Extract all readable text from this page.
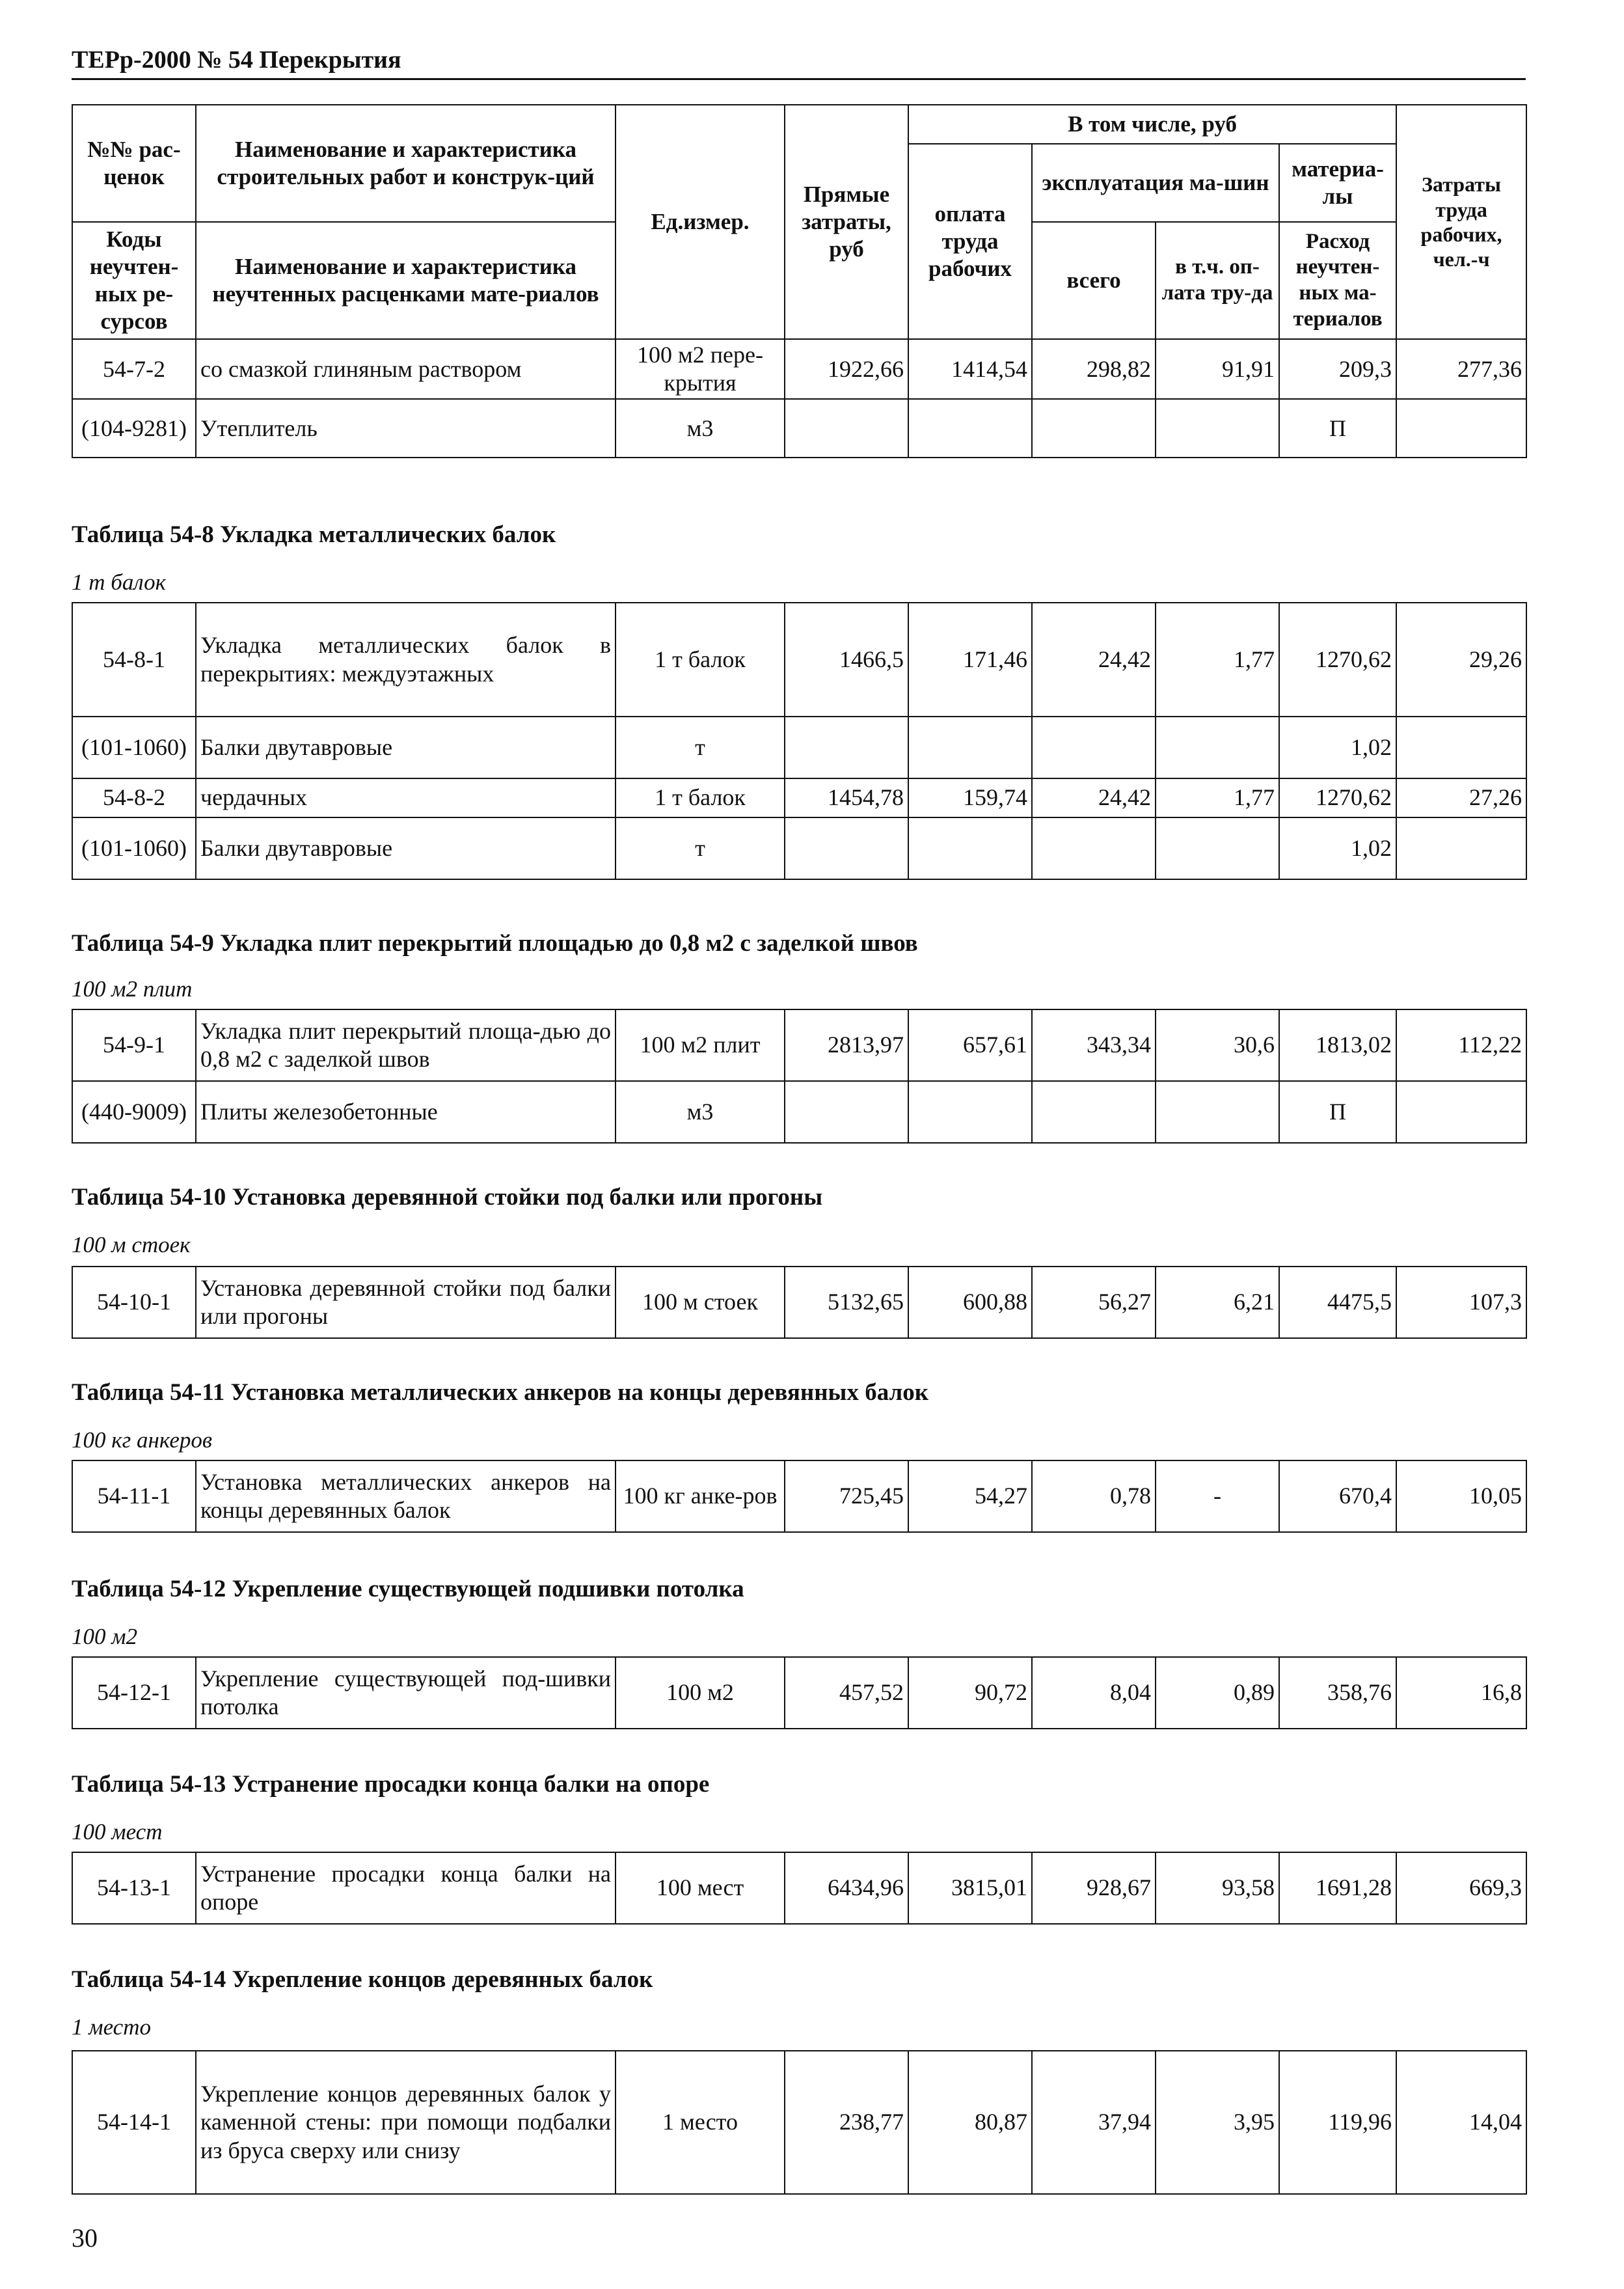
ТЕРр-2000 № 54 Перекрытия
№№ рас-ценок	Наименование и характеристика строительных работ и конструк-ций	Ед.измер.	Прямые затраты, руб	В том числе, руб				Затраты труда рабочих, чел.-ч
				оплата труда рабочих	эксплуатация ма-шин		материа-лы	

Коды неучтен-ных ре-сурсов	Наименование и характеристика неучтенных расценками мате-риалов				всего	в т.ч. оп-лата тру-да	Расход неучтен-ных ма-териалов	

54-7-2	со смазкой глиняным раствором	100 м2 пере-крытия	1922,66	1414,54	298,82	91,91	209,3	277,36
(104-9281)	Утеплитель	м3					П	
Таблица 54-8 Укладка металлических балок
1 т балок
54-8-1	Укладка металлических балок в перекрытиях: междуэтажных	1 т балок	1466,5	171,46	24,42	1,77	1270,62	29,26
(101-1060)	Балки двутавровые	т					1,02	
54-8-2	чердачных	1 т балок	1454,78	159,74	24,42	1,77	1270,62	27,26
(101-1060)	Балки двутавровые	т					1,02	
Таблица 54-9 Укладка плит перекрытий площадью до 0,8 м2 с заделкой швов
100 м2 плит
54-9-1	Укладка плит перекрытий площа-дью до 0,8 м2 с заделкой швов	100 м2 плит	2813,97	657,61	343,34	30,6	1813,02	112,22
(440-9009)	Плиты железобетонные	м3					П	
Таблица 54-10 Установка деревянной стойки под балки или прогоны
100 м стоек
54-10-1	Установка деревянной стойки под балки или прогоны	100 м стоек	5132,65	600,88	56,27	6,21	4475,5	107,3
Таблица 54-11 Установка металлических анкеров на концы деревянных балок
100 кг анкеров
54-11-1	Установка металлических анкеров на концы деревянных балок	100 кг анке-ров	725,45	54,27	0,78	-	670,4	10,05
Таблица 54-12 Укрепление существующей подшивки потолка
100 м2
54-12-1	Укрепление существующей под-шивки потолка	100 м2	457,52	90,72	8,04	0,89	358,76	16,8
Таблица 54-13 Устранение просадки конца балки на опоре
100 мест
54-13-1	Устранение просадки конца балки на опоре	100 мест	6434,96	3815,01	928,67	93,58	1691,28	669,3
Таблица 54-14 Укрепление концов деревянных балок
1 место
54-14-1	Укрепление концов деревянных балок у каменной стены: при помощи подбалки из бруса сверху или снизу	1 место	238,77	80,87	37,94	3,95	119,96	14,04
30
